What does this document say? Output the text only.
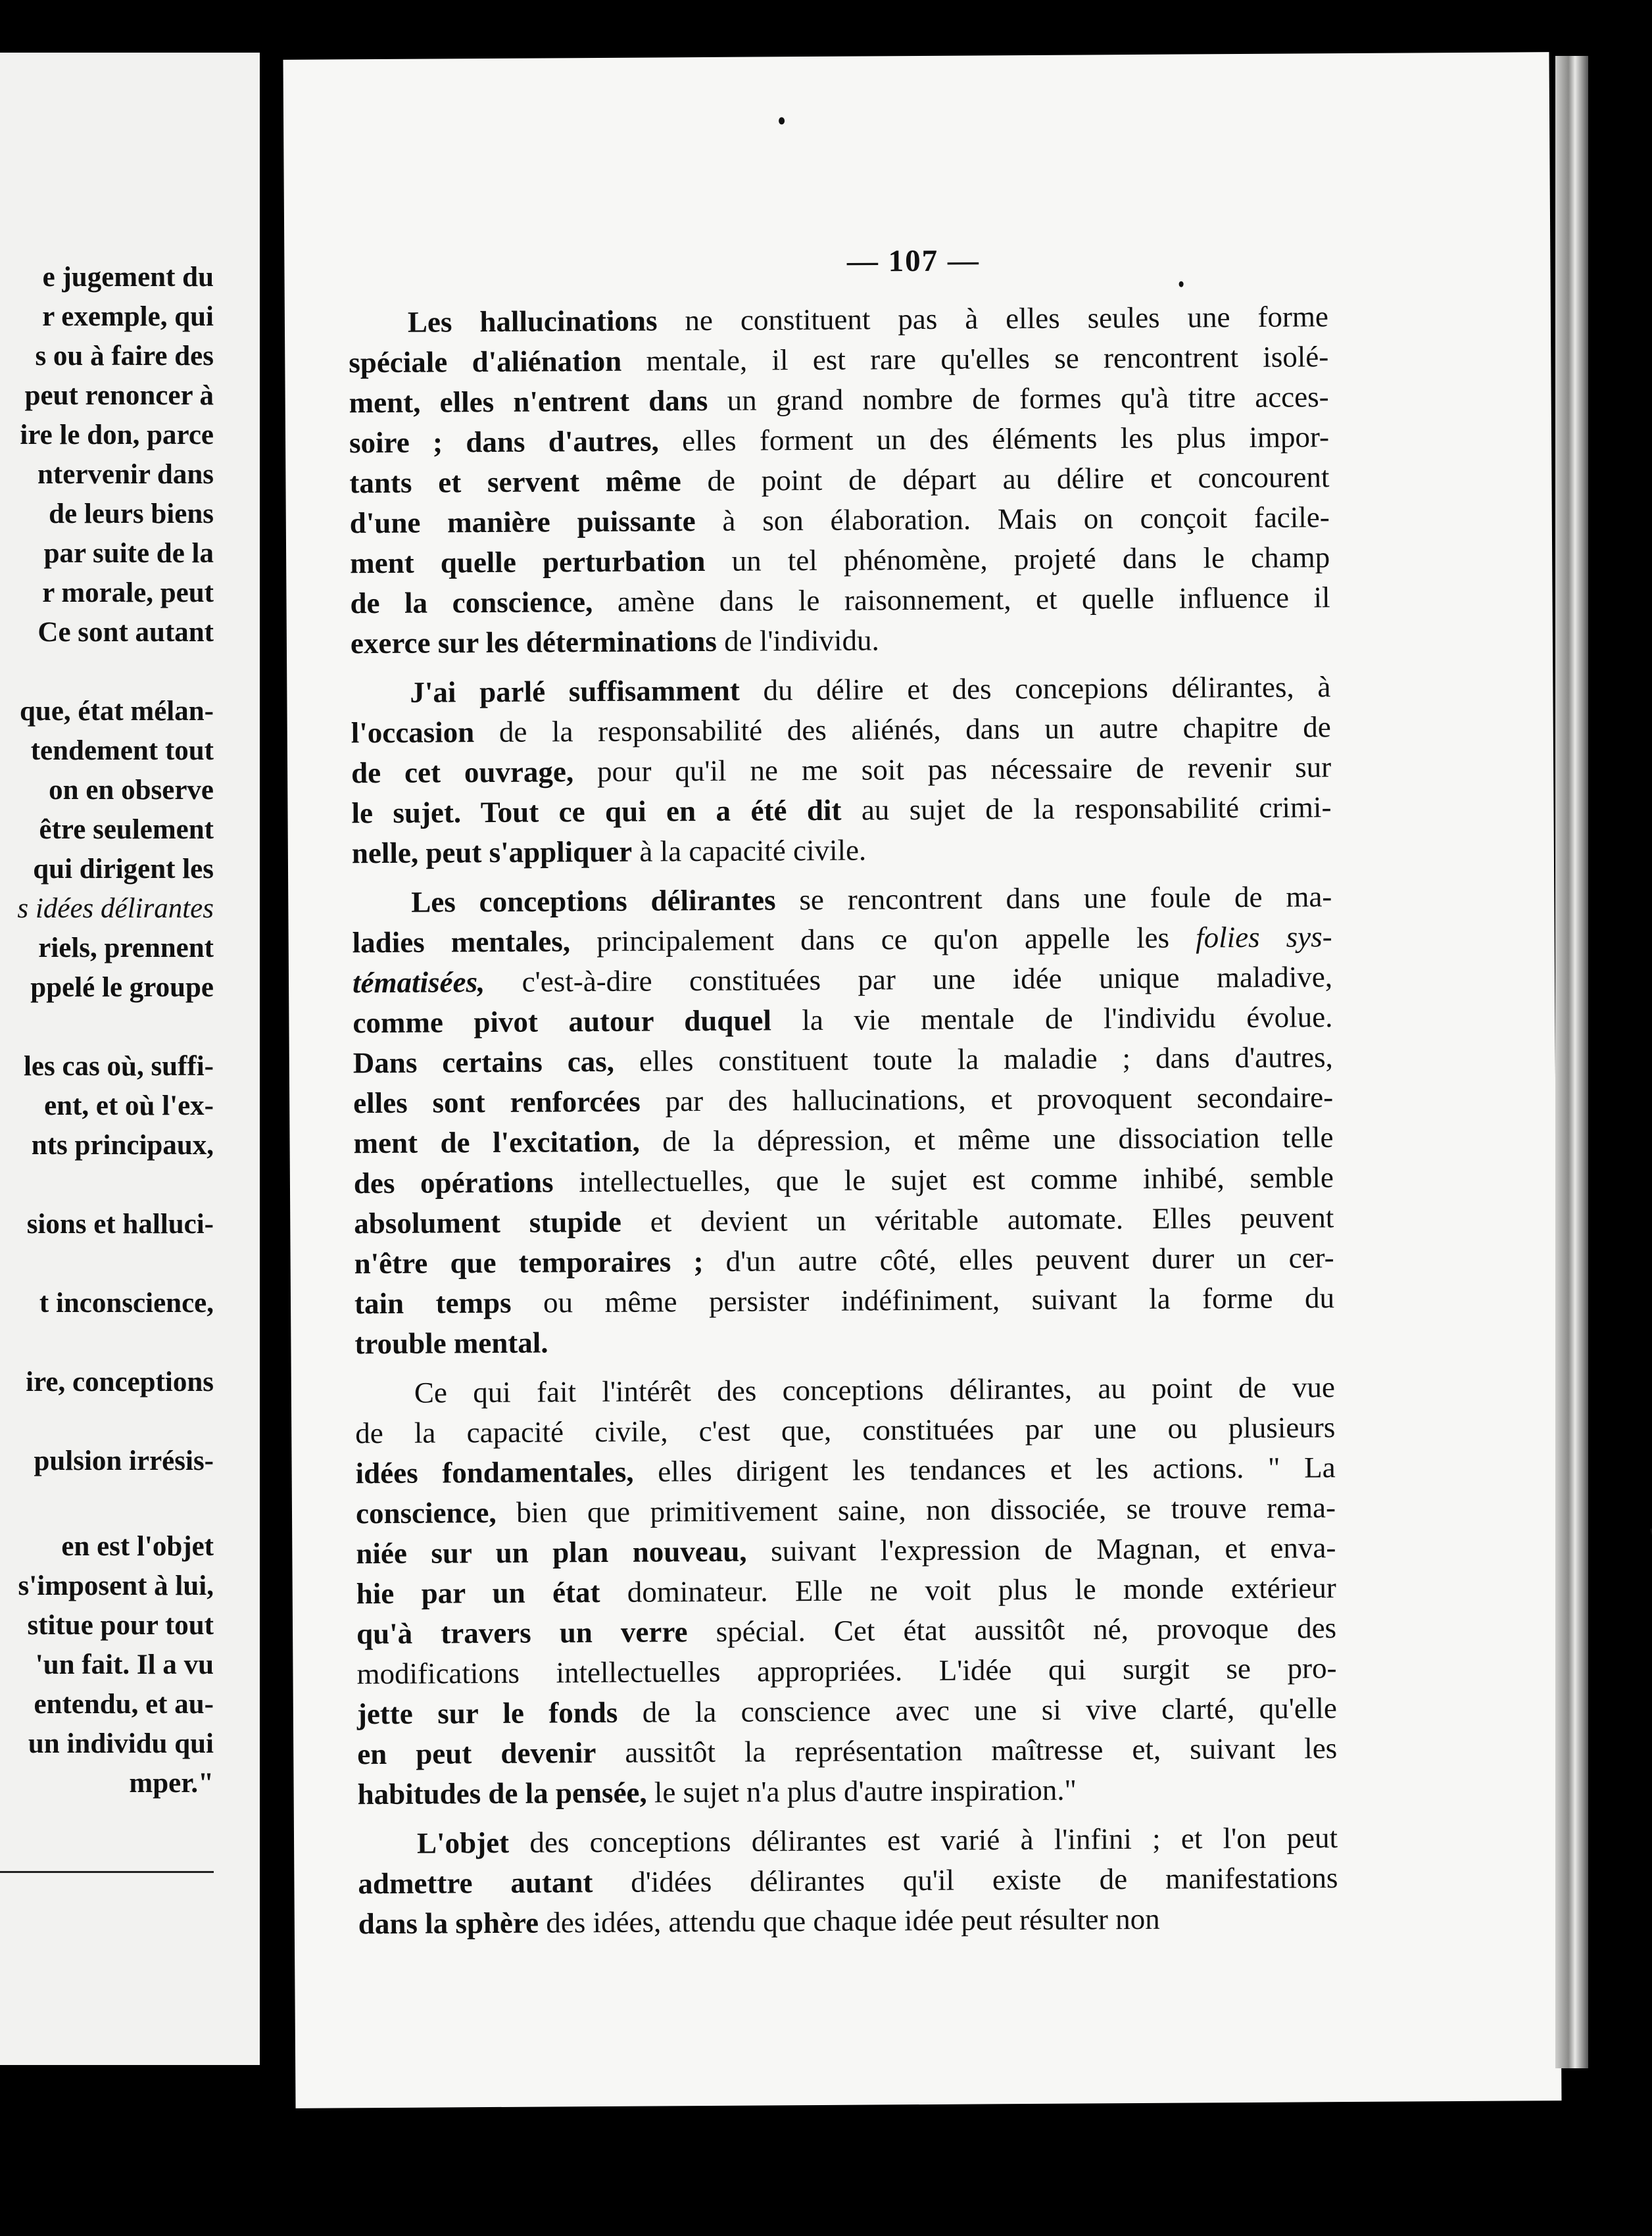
e jugement du
r exemple, qui
s ou à faire des
peut renoncer à
ire le don, parce
ntervenir dans
de leurs biens
par suite de la
r morale, peut
Ce sont autant
que, état mélan-
tendement tout
on en observe
être seulement
qui dirigent les
s idées délirantes
riels, prennent
ppelé le groupe
les cas où, suffi-
ent, et où l'ex-
nts principaux,
sions et halluci-
t inconscience,
ire, conceptions
pulsion irrésis-
en est l'objet
s'imposent à lui,
stitue pour tout
'un fait. Il a vu
entendu, et au-
un individu qui
mper."
— 107 —
Les hallucinations ne constituent pas à elles seules une forme
spéciale d'aliénation mentale, il est rare qu'elles se rencontrent isolé-
ment, elles n'entrent dans un grand nombre de formes qu'à titre acces-
soire ; dans d'autres, elles forment un des éléments les plus impor-
tants et servent même de point de départ au délire et concourent
d'une manière puissante à son élaboration. Mais on conçoit facile-
ment quelle perturbation un tel phénomène, projeté dans le champ
de la conscience, amène dans le raisonnement, et quelle influence il
exerce sur les déterminations de l'individu.
J'ai parlé suffisamment du délire et des concepions délirantes, à
l'occasion de la responsabilité des aliénés, dans un autre chapitre de
de cet ouvrage, pour qu'il ne me soit pas nécessaire de revenir sur
le sujet. Tout ce qui en a été dit au sujet de la responsabilité crimi-
nelle, peut s'appliquer à la capacité civile.
Les conceptions délirantes se rencontrent dans une foule de ma-
ladies mentales, principalement dans ce qu'on appelle les folies sys-
tématisées, c'est-à-dire constituées par une idée unique maladive,
comme pivot autour duquel la vie mentale de l'individu évolue.
Dans certains cas, elles constituent toute la maladie ; dans d'autres,
elles sont renforcées par des hallucinations, et provoquent secondaire-
ment de l'excitation, de la dépression, et même une dissociation telle
des opérations intellectuelles, que le sujet est comme inhibé, semble
absolument stupide et devient un véritable automate. Elles peuvent
n'être que temporaires ; d'un autre côté, elles peuvent durer un cer-
tain temps ou même persister indéfiniment, suivant la forme du
trouble mental.
Ce qui fait l'intérêt des conceptions délirantes, au point de vue
de la capacité civile, c'est que, constituées par une ou plusieurs
idées fondamentales, elles dirigent les tendances et les actions. " La
conscience, bien que primitivement saine, non dissociée, se trouve rema-
niée sur un plan nouveau, suivant l'expression de Magnan, et enva-
hie par un état dominateur. Elle ne voit plus le monde extérieur
qu'à travers un verre spécial. Cet état aussitôt né, provoque des
modifications intellectuelles appropriées. L'idée qui surgit se pro-
jette sur le fonds de la conscience avec une si vive clarté, qu'elle
en peut devenir aussitôt la représentation maîtresse et, suivant les
habitudes de la pensée, le sujet n'a plus d'autre inspiration."
L'objet des conceptions délirantes est varié à l'infini ; et l'on peut
admettre autant d'idées délirantes qu'il existe de manifestations
dans la sphère des idées, attendu que chaque idée peut résulter non
